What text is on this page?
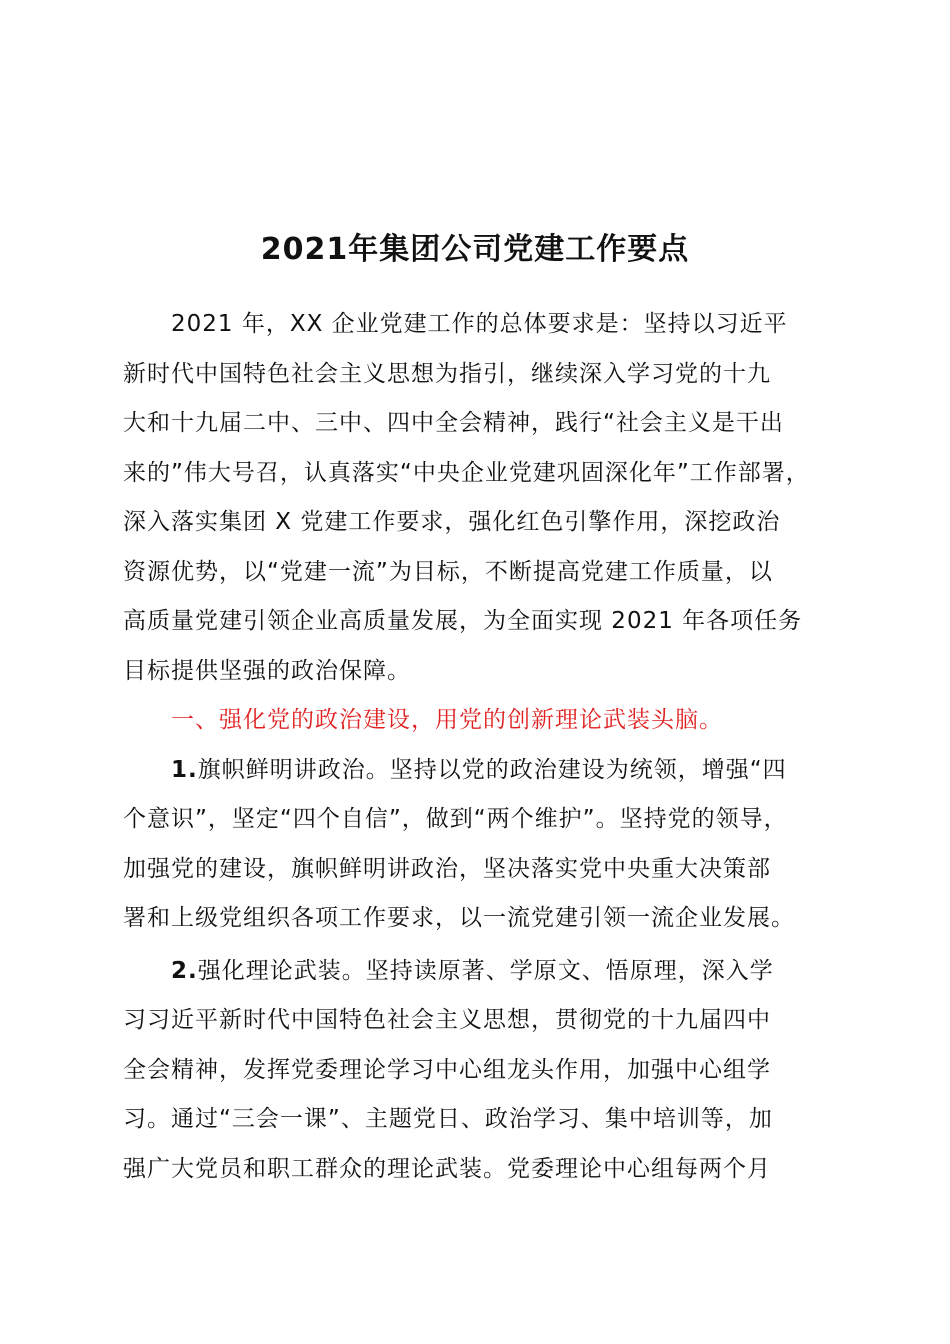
2021年集团公司党建工作要点
2021 年，XX 企业党建工作的总体要求是：坚持以习近平
新时代中国特色社会主义思想为指引，继续深入学习党的十九
大和十九届二中、三中、四中全会精神，践行“社会主义是干出
来的”伟大号召，认真落实“中央企业党建巩固深化年”工作部署，
深入落实集团 X 党建工作要求，强化红色引擎作用，深挖政治
资源优势，以“党建一流”为目标，不断提高党建工作质量，以
高质量党建引领企业高质量发展，为全面实现 2021 年各项任务
目标提供坚强的政治保障。
一、强化党的政治建设，用党的创新理论武装头脑。
1.旗帜鲜明讲政治。坚持以党的政治建设为统领，增强“四
个意识”，坚定“四个自信”，做到“两个维护”。坚持党的领导，
加强党的建设，旗帜鲜明讲政治，坚决落实党中央重大决策部
署和上级党组织各项工作要求，以一流党建引领一流企业发展。
2.强化理论武装。坚持读原著、学原文、悟原理，深入学
习习近平新时代中国特色社会主义思想，贯彻党的十九届四中
全会精神，发挥党委理论学习中心组龙头作用，加强中心组学
习。通过“三会一课”、主题党日、政治学习、集中培训等，加
强广大党员和职工群众的理论武装。党委理论中心组每两个月
